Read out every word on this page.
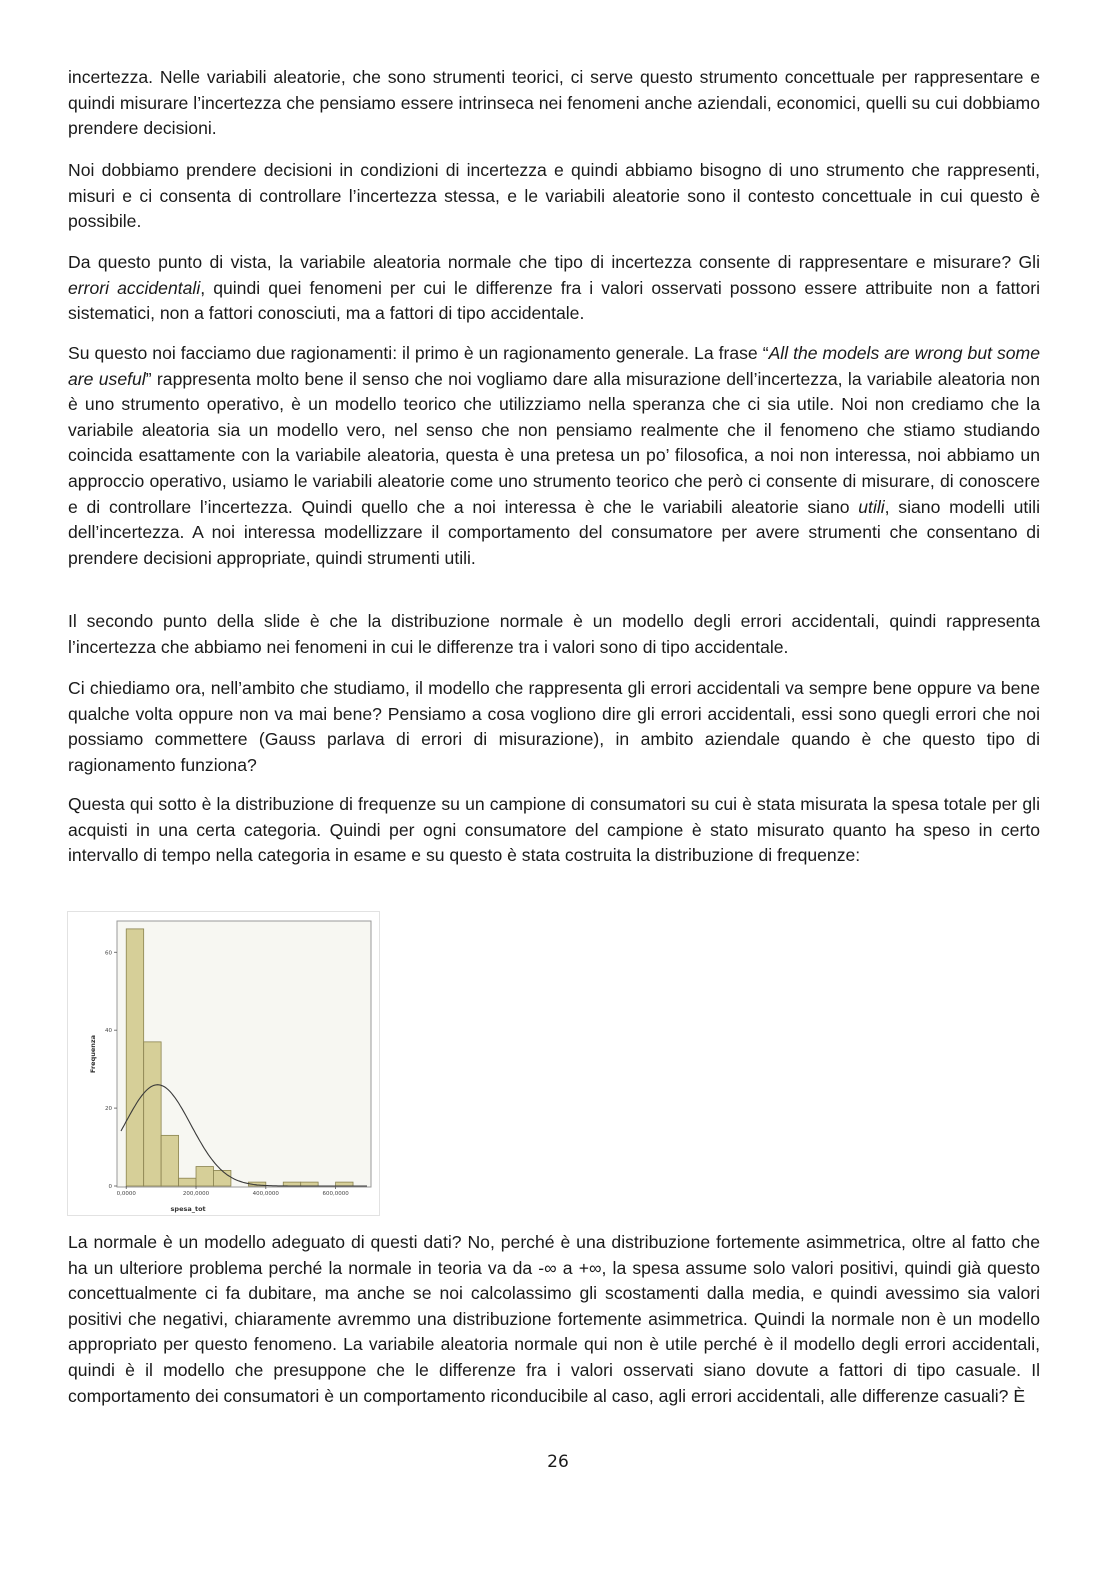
incertezza. Nelle variabili aleatorie, che sono strumenti teorici, ci serve questo strumento concettuale per rappresentare e quindi misurare l’incertezza che pensiamo essere intrinseca nei fenomeni anche aziendali, economici, quelli su cui dobbiamo prendere decisioni.

Noi dobbiamo prendere decisioni in condizioni di incertezza e quindi abbiamo bisogno di uno strumento che rappresenti, misuri e ci consenta di controllare l’incertezza stessa, e le variabili aleatorie sono il contesto concettuale in cui questo è possibile.

Da questo punto di vista, la variabile aleatoria normale che tipo di incertezza consente di rappresentare e misurare? Gli errori accidentali, quindi quei fenomeni per cui le differenze fra i valori osservati possono essere attribuite non a fattori sistematici, non a fattori conosciuti, ma a fattori di tipo accidentale.

Su questo noi facciamo due ragionamenti: il primo è un ragionamento generale. La frase “All the models are wrong but some are useful” rappresenta molto bene il senso che noi vogliamo dare alla misurazione dell’incertezza, la variabile aleatoria non è uno strumento operativo, è un modello teorico che utilizziamo nella speranza che ci sia utile. Noi non crediamo che la variabile aleatoria sia un modello vero, nel senso che non pensiamo realmente che il fenomeno che stiamo studiando coincida esattamente con la variabile aleatoria, questa è una pretesa un po’ filosofica, a noi non interessa, noi abbiamo un approccio operativo, usiamo le variabili aleatorie come uno strumento teorico che però ci consente di misurare, di conoscere e di controllare l’incertezza. Quindi quello che a noi interessa è che le variabili aleatorie siano utili, siano modelli utili dell’incertezza. A noi interessa modellizzare il comportamento del consumatore per avere strumenti che consentano di prendere decisioni appropriate, quindi strumenti utili.

Il secondo punto della slide è che la distribuzione normale è un modello degli errori accidentali, quindi rappresenta l’incertezza che abbiamo nei fenomeni in cui le differenze tra i valori sono di tipo accidentale.

Ci chiediamo ora, nell’ambito che studiamo, il modello che rappresenta gli errori accidentali va sempre bene oppure va bene qualche volta oppure non va mai bene? Pensiamo a cosa vogliono dire gli errori accidentali, essi sono quegli errori che noi possiamo commettere (Gauss parlava di errori di misurazione), in ambito aziendale quando è che questo tipo di ragionamento funziona?

Questa qui sotto è la distribuzione di frequenze su un campione di consumatori su cui è stata misurata la spesa totale per gli acquisti in una certa categoria. Quindi per ogni consumatore del campione è stato misurato quanto ha speso in certo intervallo di tempo nella categoria in esame e su questo è stata costruita la distribuzione di frequenze:

0
20
40
60
0,0000	200,0000	400,0000	600,0000
Frequenza
spesa_tot

La normale è un modello adeguato di questi dati? No, perché è una distribuzione fortemente asimmetrica, oltre al fatto che ha un ulteriore problema perché la normale in teoria va da -∞ a +∞, la spesa assume solo valori positivi, quindi già questo concettualmente ci fa dubitare, ma anche se noi calcolassimo gli scostamenti dalla media, e quindi avessimo sia valori positivi che negativi, chiaramente avremmo una distribuzione fortemente asimmetrica. Quindi la normale non è un modello appropriato per questo fenomeno. La variabile aleatoria normale qui non è utile perché è il modello degli errori accidentali, quindi è il modello che presuppone che le differenze fra i valori osservati siano dovute a fattori di tipo casuale. Il comportamento dei consumatori è un comportamento riconducibile al caso, agli errori accidentali, alle differenze casuali? È

26
